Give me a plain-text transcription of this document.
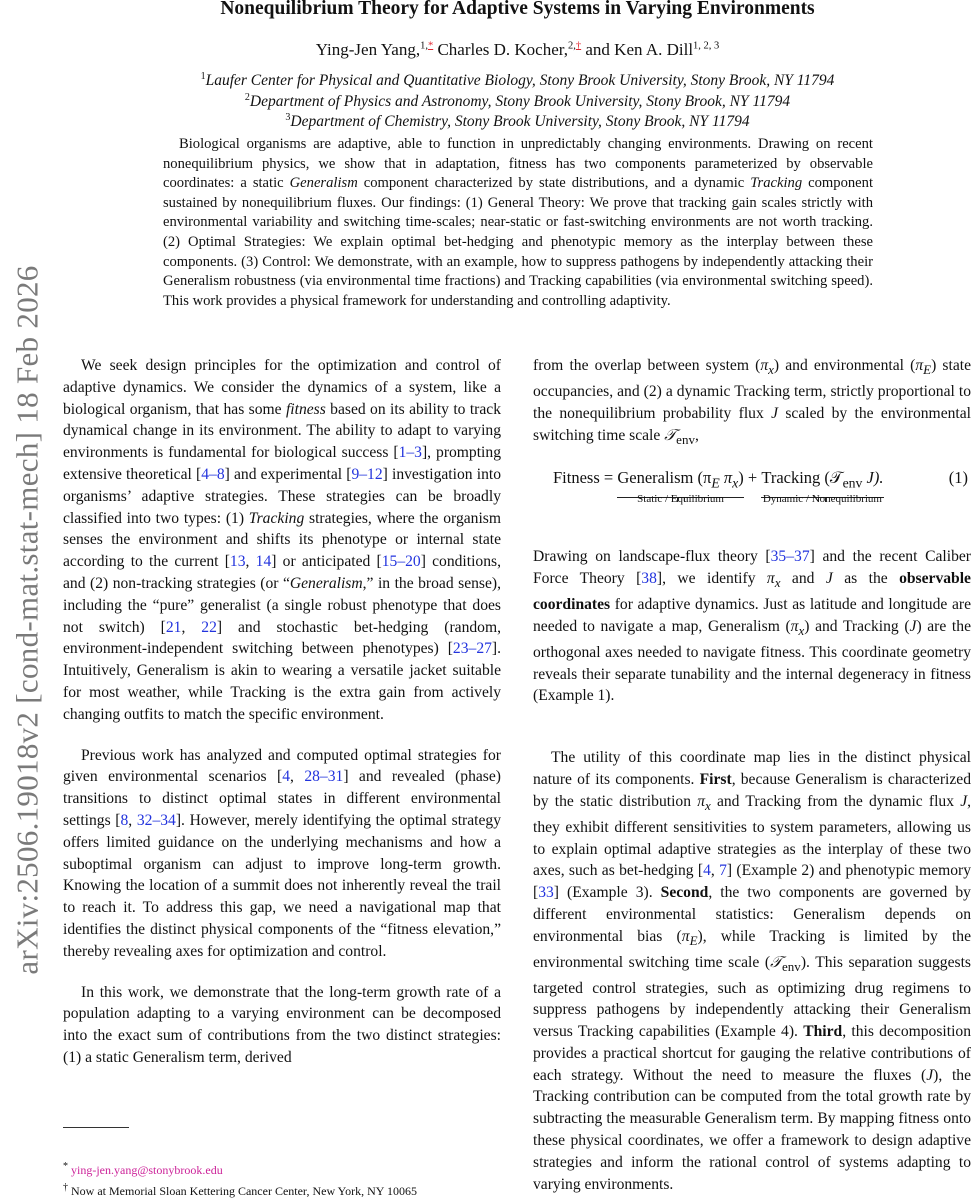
arXiv:2506.19018v2 [cond-mat.stat-mech] 18 Feb 2026
Nonequilibrium Theory for Adaptive Systems in Varying Environments
Ying-Jen Yang,$^{1,*}$ Charles D. Kocher,$^{2,\dagger}$ and Ken A. Dill$^{1, 2, 3}$
$^1$Laufer Center for Physical and Quantitative Biology, Stony Brook University, Stony Brook, NY 11794
$^2$Department of Physics and Astronomy, Stony Brook University, Stony Brook, NY 11794
$^3$Department of Chemistry, Stony Brook University, Stony Brook, NY 11794

Biological organisms are adaptive, able to function in unpredictably changing environments. Drawing on recent nonequilibrium physics, we show that in adaptation, fitness has two components parameterized by observable coordinates: a static Generalism component characterized by state distributions, and a dynamic Tracking component sustained by nonequilibrium fluxes. Our findings: (1) General Theory: We prove that tracking gain scales strictly with environmental variability and switching time-scales; near-static or fast-switching environments are not worth tracking. (2) Optimal Strategies: We explain optimal bet-hedging and phenotypic memory as the interplay between these components. (3) Control: We demonstrate, with an example, how to suppress pathogens by independently attacking their Generalism robustness (via environmental time fractions) and Tracking capabilities (via environmental switching speed). This work provides a physical framework for understanding and controlling adaptivity.

We seek design principles for the optimization and control of adaptive dynamics. We consider the dynamics of a system, like a biological organism, that has some fitness based on its ability to track dynamical change in its environment. The ability to adapt to varying environments is fundamental for biological success [1–3], prompting extensive theoretical [4–8] and experimental [9–12] investigation into organisms’ adaptive strategies. These strategies can be broadly classified into two types: (1) Tracking strategies, where the organism senses the environment and shifts its phenotype or internal state according to the current [13, 14] or anticipated [15–20] conditions, and (2) non-tracking strategies (or “Generalism,” in the broad sense), including the “pure” generalist (a single robust phenotype that does not switch) [21, 22] and stochastic bet-hedging (random, environment-independent switching between phenotypes) [23–27]. Intuitively, Generalism is akin to wearing a versatile jacket suitable for most weather, while Tracking is the extra gain from actively changing outfits to match the specific environment.

Previous work has analyzed and computed optimal strategies for given environmental scenarios [4, 28–31] and revealed (phase) transitions to distinct optimal states in different environmental settings [8, 32–34]. However, merely identifying the optimal strategy offers limited guidance on the underlying mechanisms and how a suboptimal organism can adjust to improve long-term growth. Knowing the location of a summit does not inherently reveal the trail to reach it. To address this gap, we need a navigational map that identifies the distinct physical components of the “fitness elevation,” thereby revealing axes for optimization and control.

In this work, we demonstrate that the long-term growth rate of a population adapting to a varying environment can be decomposed into the exact sum of contributions from the two distinct strategies: (1) a static Generalism term, derived

from the overlap between system $(\pi_x)$ and environmental $(\pi_E)$ state occupancies, and (2) a dynamic Tracking term, strictly proportional to the nonequilibrium probability flux J scaled by the environmental switching time scale 𝒯$_{env}$,

Fitness = Generalism ($\pi_E$ $\pi_x$)
Static / Equilibrium
+ Tracking (𝒯$_{env}$ J).
Dynamic / Nonequilibrium
(1)

Drawing on landscape-flux theory [35–37] and the recent Caliber Force Theory [38], we identify $\pi_x$ and J as the observable coordinates for adaptive dynamics. Just as latitude and longitude are needed to navigate a map, Generalism $(\pi_x)$ and Tracking (J) are the orthogonal axes needed to navigate fitness. This coordinate geometry reveals their separate tunability and the internal degeneracy in fitness (Example 1).

The utility of this coordinate map lies in the distinct physical nature of its components. First, because Generalism is characterized by the static distribution $\pi_x$ and Tracking from the dynamic flux J, they exhibit different sensitivities to system parameters, allowing us to explain optimal adaptive strategies as the interplay of these two axes, such as bet-hedging [4, 7] (Example 2) and phenotypic memory [33] (Example 3). Second, the two components are governed by different environmental statistics: Generalism depends on environmental bias $(\pi_E)$, while Tracking is limited by the environmental switching time scale (𝒯$_{env}$). This separation suggests targeted control strategies, such as optimizing drug regimens to suppress pathogens by independently attacking their Generalism versus Tracking capabilities (Example 4). Third, this decomposition provides a practical shortcut for gauging the relative contributions of each strategy. Without the need to measure the fluxes (J), the Tracking contribution can be computed from the total growth rate by subtracting the measurable Generalism term. By mapping fitness onto these physical coordinates, we offer a framework to design adaptive strategies and inform the rational control of systems adapting to varying environments.

* ying-jen.yang@stonybrook.edu
† Now at Memorial Sloan Kettering Cancer Center, New York, NY 10065
